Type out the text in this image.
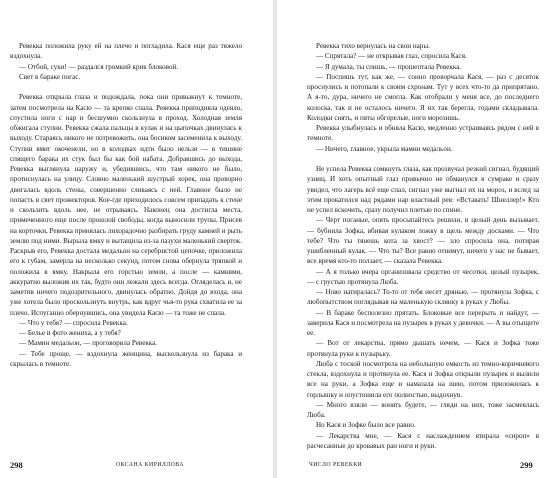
Ревекка положила руку ей на плечо и погладила. Кася еще раз тяжело вздохнула.

— Отбой, суки! — раздался громкий крик блоковой.

Свет в бараке погас.

Ревекка открыла глаза и подождала, пока они привыкнут к темноте, затем посмотрела на Касю — та крепко спала. Ревекка приподняла одеяло, спустила ноги с нар и бесшумно скользнула в проход. Холодная земля обжигала ступни. Ревекка сжала пальцы в кулак и на цыпочках двинулась к выходу. Стараясь никого не потревожить, она босиком засеменила к выходу. Ступни вмиг окоченели, но в колодках идти было нельзя — в тишине спящего барака их стук был бы как бой набата. Добравшись до выхода, Ревекка выглянула наружу и, убедившись, что там никого не было, протиснулась на улицу. Словно маленький шустрый хорек, она проворно двигалась вдоль стены, совершенно сливаясь с ней. Главное было не попасть в свет прожекторов. Кое-где приходилось совсем припадать к стене и скользить вдоль нее, не отрываясь. Наконец она достигла места, примеченного еще после прошлой свободы, когда выносили трупы. Присев на корточки, Ревекка принялась лихорадочно разбирать груду камней и рыть землю под ними. Вырыла ямку и вытащила из-за пазухи маленький сверток. Раскрыв его, Ревекка достала медальон на серебристой цепочке, приложила его к губам, замерла на несколько секунд, потом снова обернула тряпкой и положила в ямку. Накрыла его горстью земли, а после — камнями, аккуратно выложив их так, будто они лежали здесь всегда. Огляделась и, не заметив ничего подозрительного, двинулась обратно. Дойдя до входа, она уже хотела было проскользнуть внутрь, как вдруг чья-то рука схватила ее за плечо. Испуганно обернувшись, она увидела Касю — та тоже не спала.

— Что у тебя? — спросила Ревекка.

— Белье и фото жениха, а у тебя?

— Мамин медальон, — проговорила Ревекка.

— Тебе проще, — вздохнула женщина, выскользнула из барака и скрылась в темноте.

298	ОКСАНА КИРИЛЛОВА

Ревекка тихо вернулась на свои нары.

— Спряталa? — не открывая глаз, спросила Кася.

— Я думала, ты спишь, — прошептала Ревекка.

— Поспишь тут, как же, — сонно проворчала Кася, — раз с десяток проснулись и потопали к своим схронам. Тут у всех что-то да припрятано. А я-то, дура, ничего не смогла. Как отобрали у меня все, до последнего колоска, так и не осталось ничего. Я их так берегла, годами складывала. Колодки снять, и пяты обгорелые, ноги морозишь.

Ревекка улыбнулась и обняла Касю, медленно устраиваясь рядом с ней в темноте.

— Ничего, главное, укрыла мамин медальон.

Не успела Ревекка сомкнуть глаза, как прозвучал резкий сигнал, будящий узниц. И хоть опытный глаз привычно не обманулся в сумраке и сразу увидел, что лагерь всё еще спал, сигнал уже выгнал их на мороз, и вслед за этим прокатился над рядами нар властный рев: «Вставать! Шнеллер!» Кто не успел вскочить, сразу получил плетью по спине.

— Черт поганые, опять просыпайтесь решили, и целый день вызывает, — бубнила Зофка, вбивая кулаком ложку в щель между досками. — Что тебе? Что ты тянешь кота за хвост? — зло спросила она, потирая ушибленный кулак. — Что ты? Все равно отнимут, ничего у нас не бывает, все время кто-то ползает, — сказала Ревекка.

— А я только вчера организовала средство от чесотки, целый пузырек, — с грустью протянула Люба.

— Ново натиралась? То-то от тебя несет дрянью, — протянула Зофка, с любопытством поглядывая на маленькую склянку в руках у Любы.

— В бараке бесполезно прятать. Блоковые все перерыть и найдут, — заверила Кася и посмотрела на пузырек в руках у девочки. — А вы отыщите ее.

— Вот от лекарства, прямо дышать нечем, — Кася и Зофка тоже протянула руки к пузырьку.

Люба с тоской посмотрела на небольшую емкость из темно-коричневого стекла, вздохнула и протянула ее. Кася и Зофка открыли пузырек и вылили все на руки, а Зофка еще и намазала на шею, потом приложилась к горлышку и опустошила его полностью, выдохнув.

— Много взяли — вонять будете, — гляди на них, тоже засмеялась Люба.

Но Кася и Зофке было все равно.

— Лекарства мне, — Кася с наслаждением втирала «сироп» в расчесанные до кровавых ран ноги и руки.

ЧИСЛО РЕВЕККИ	299
